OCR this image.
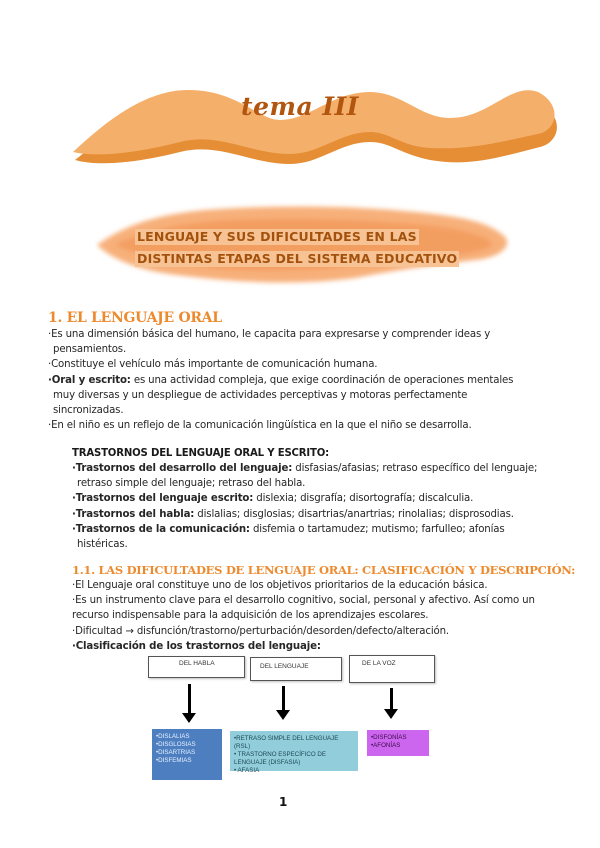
tema III
LENGUAJE Y SUS DIFICULTADES EN LAS
DISTINTAS ETAPAS DEL SISTEMA EDUCATIVO
1. EL LENGUAJE ORAL
·Es una dimensión básica del humano, le capacita para expresarse y comprender ideas y
pensamientos.
·Constituye el vehículo más importante de comunicación humana.
·Oral y escrito: es una actividad compleja, que exige coordinación de operaciones mentales
muy diversas y un despliegue de actividades perceptivas y motoras perfectamente
sincronizadas.
·En el niño es un reflejo de la comunicación lingüística en la que el niño se desarrolla.
TRASTORNOS DEL LENGUAJE ORAL Y ESCRITO:
·Trastornos del desarrollo del lenguaje: disfasias/afasias; retraso específico del lenguaje;
retraso simple del lenguaje; retraso del habla.
·Trastornos del lenguaje escrito: dislexia; disgrafía; disortografía; discalculia.
·Trastornos del habla: dislalias; disglosias; disartrias/anartrias; rinolalias; disprosodias.
·Trastornos de la comunicación: disfemia o tartamudez; mutismo; farfulleo; afonías
histéricas.
1.1. LAS DIFICULTADES DE LENGUAJE ORAL: CLASIFICACIÓN Y DESCRIPCIÓN:
·El Lenguaje oral constituye uno de los objetivos prioritarios de la educación básica.
·Es un instrumento clave para el desarrollo cognitivo, social, personal y afectivo. Así como un
recurso indispensable para la adquisición de los aprendizajes escolares.
·Dificultad → disfunción/trastorno/perturbación/desorden/defecto/alteración.
·Clasificación de los trastornos del lenguaje:
DEL HABLA	DEL LENGUAJE	DE LA VOZ
•DISLALIAS
•DISGLOSIAS
•DISARTRIAS
•DISFEMIAS
•RETRASO SIMPLE DEL LENGUAJE (RSL)
• TRASTORNO ESPECÍFICO DE
LENGUAJE (DISFASIA)
• AFASIA
•DISFONÍAS
•AFONÍAS
1
